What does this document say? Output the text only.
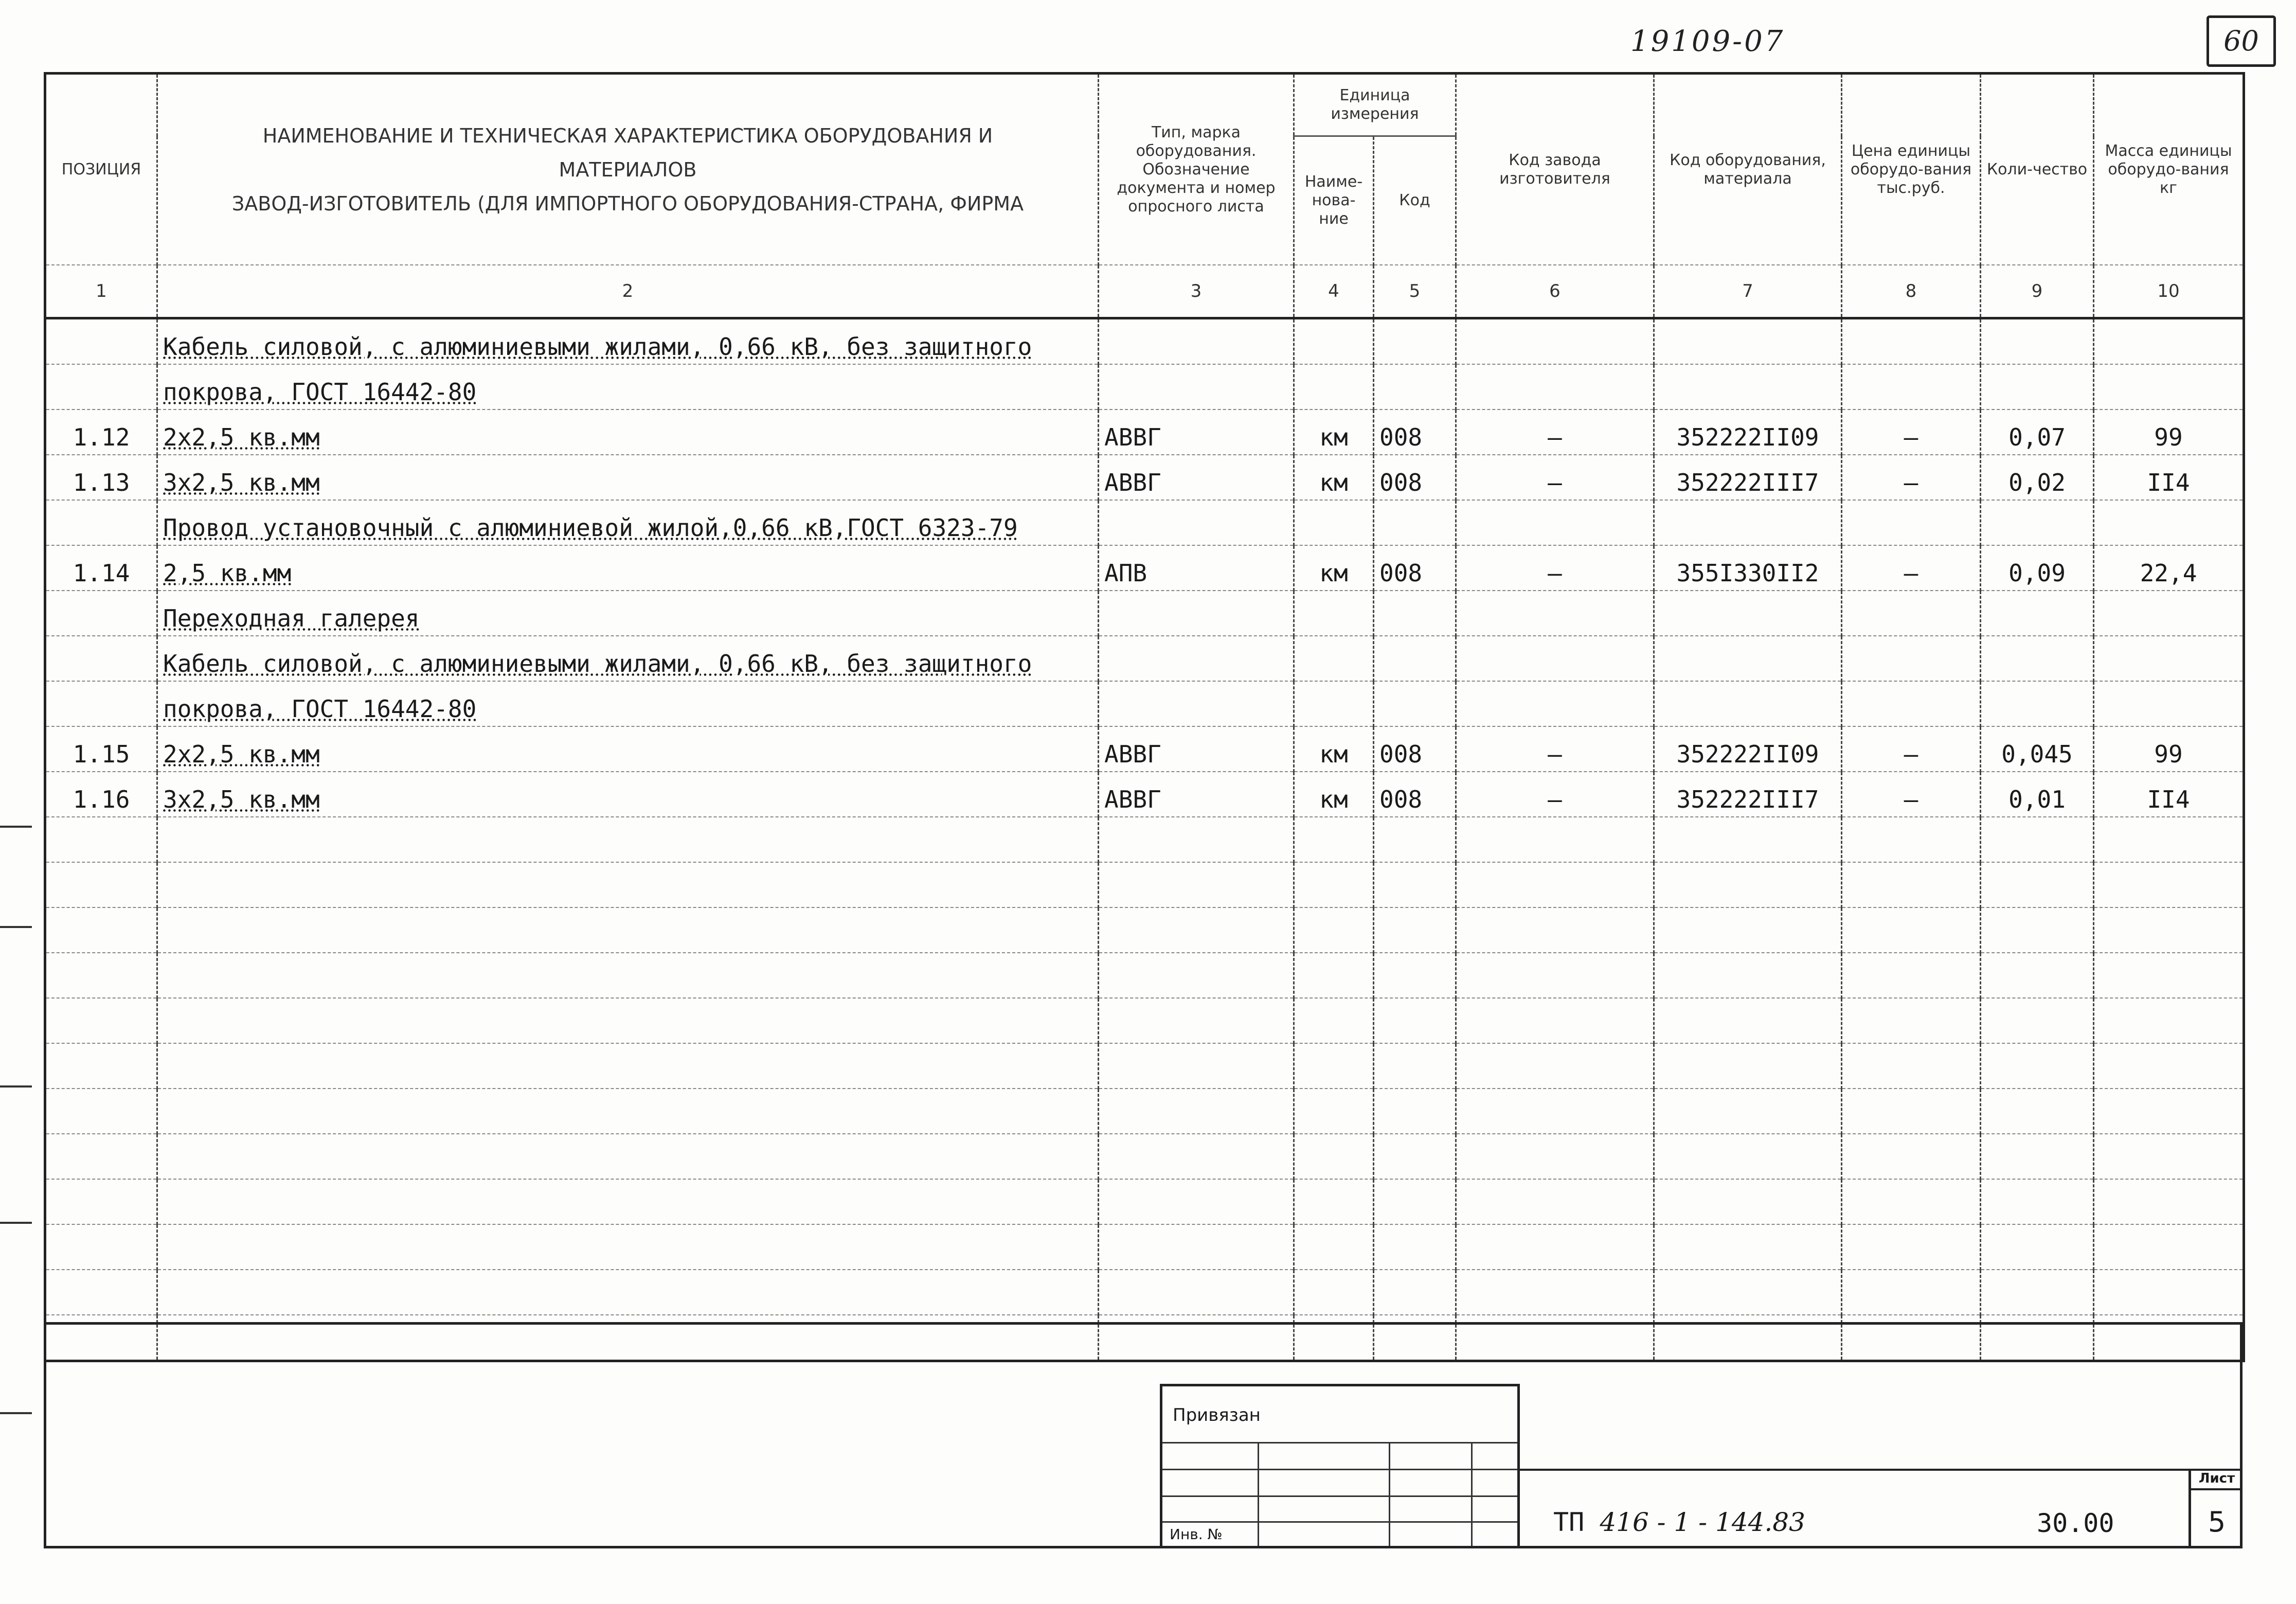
19109-07	60
ПОЗИЦИЯ	НАИМЕНОВАНИЕ И ТЕХНИЧЕСКАЯ ХАРАКТЕРИСТИКА ОБОРУДОВАНИЯ И
МАТЕРИАЛОВ
ЗАВОД-ИЗГОТОВИТЕЛЬ (ДЛЯ ИМПОРТНОГО ОБОРУДОВАНИЯ-СТРАНА, ФИРМА	Тип, марка оборудования. Обозначение документа и номер опросного листа	Единица измерения		Код завода изготовителя	Код оборудования, материала	Цена единицы оборудо-вания тыс.руб.	Коли-чество	Масса единицы оборудо-вания кг
			Наиме-нова-ние	Код					
1	2	3	4	5	6	7	8	9	10
	Кабель силовой, с алюминиевыми жилами, 0,66 кВ, без защитного								
	покрова, ГОСТ 16442-80								
1.12	2х2,5 кв.мм	АВВГ	км	008	–	352222II09	–	0,07	99
1.13	3х2,5 кв.мм	АВВГ	км	008	–	352222III7	–	0,02	II4
	Провод установочный с алюминиевой жилой,0,66 кВ,ГОСТ 6323-79								
1.14	2,5 кв.мм	АПВ	км	008	–	355I330II2	–	0,09	22,4
	Переходная галерея								
	Кабель силовой, с алюминиевыми жилами, 0,66 кВ, без защитного								
	покрова, ГОСТ 16442-80								
1.15	2х2,5 кв.мм	АВВГ	км	008	–	352222II09	–	0,045	99
1.16	3х2,5 кв.мм	АВВГ	км	008	–	352222III7	–	0,01	II4

Привязан
Инв. №	ТП 416 - 1 - 144.83	30.00
Лист
5
